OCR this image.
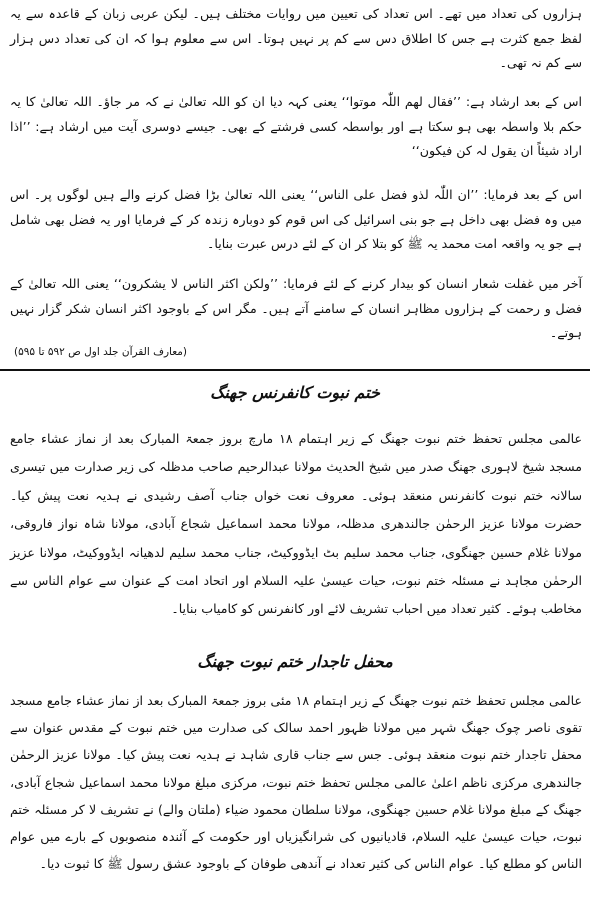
ہزاروں کی تعداد میں تھے۔ اس تعداد کی تعیین میں روایات مختلف ہیں۔ لیکن عربی زبان کے قاعدہ سے یہ لفظ جمع کثرت ہے جس کا اطلاق دس سے کم پر نہیں ہوتا۔ اس سے معلوم ہوا کہ ان کی تعداد دس ہزار سے کم نہ تھی۔

اس کے بعد ارشاد ہے: ’’فقال لھم اللّٰہ موتوا‘‘ یعنی کہہ دیا ان کو اللہ تعالیٰ نے کہ مر جاؤ۔ اللہ تعالیٰ کا یہ حکم بلا واسطہ بھی ہو سکتا ہے اور بواسطہ کسی فرشتے کے بھی۔ جیسے دوسری آیت میں ارشاد ہے: ’’اذا اراد شیئاً ان یقول لہ کن فیکون‘‘

اس کے بعد فرمایا: ’’ان اللّٰہ لذو فضل علی الناس‘‘ یعنی اللہ تعالیٰ بڑا فضل کرنے والے ہیں لوگوں پر۔ اس میں وہ فضل بھی داخل ہے جو بنی اسرائیل کی اس قوم کو دوبارہ زندہ کر کے فرمایا اور یہ فضل بھی شامل ہے جو یہ واقعہ امت محمد یہ ﷺ کو بتلا کر ان کے لئے درس عبرت بنایا۔

آخر میں غفلت شعار انسان کو بیدار کرنے کے لئے فرمایا: ’’ولکن اکثر الناس لا یشکرون‘‘ یعنی اللہ تعالیٰ کے فضل و رحمت کے ہزاروں مظاہر انسان کے سامنے آتے ہیں۔ مگر اس کے باوجود اکثر انسان شکر گزار نہیں ہوتے۔

(معارف القرآن جلد اول ص ۵۹۲ تا ۵۹۵)
ختم نبوت کانفرنس جھنگ

عالمی مجلس تحفظ ختم نبوت جھنگ کے زیر اہتمام ۱۸ مارچ بروز جمعۃ المبارک بعد از نماز عشاء جامع مسجد شیخ لاہوری جھنگ صدر میں شیخ الحدیث مولانا عبدالرحیم صاحب مدظلہ کی زیر صدارت میں تیسری سالانہ ختم نبوت کانفرنس منعقد ہوئی۔ معروف نعت خواں جناب آصف رشیدی نے ہدیہ نعت پیش کیا۔ حضرت مولانا عزیز الرحمٰن جالندھری مدظلہ، مولانا محمد اسماعیل شجاع آبادی، مولانا شاہ نواز فاروقی، مولانا غلام حسین جھنگوی، جناب محمد سلیم بٹ ایڈووکیٹ، جناب محمد سلیم لدھیانہ ایڈووکیٹ، مولانا عزیز الرحمٰن مجاہد نے مسئلہ ختم نبوت، حیات عیسیٰ علیہ السلام اور اتحاد امت کے عنوان سے عوام الناس سے مخاطب ہوئے۔ کثیر تعداد میں احباب تشریف لائے اور کانفرنس کو کامیاب بنایا۔

محفل تاجدار ختم نبوت جھنگ

عالمی مجلس تحفظ ختم نبوت جھنگ کے زیر اہتمام ۱۸ مئی بروز جمعۃ المبارک بعد از نماز عشاء جامع مسجد تقوی ناصر چوک جھنگ شہر میں مولانا ظہور احمد سالک کی صدارت میں ختم نبوت کے مقدس عنوان سے محفل تاجدار ختم نبوت منعقد ہوئی۔ جس سے جناب قاری شاہد نے ہدیہ نعت پیش کیا۔ مولانا عزیز الرحمٰن جالندھری مرکزی ناظم اعلیٰ عالمی مجلس تحفظ ختم نبوت، مرکزی مبلغ مولانا محمد اسماعیل شجاع آبادی، جھنگ کے مبلغ مولانا غلام حسین جھنگوی، مولانا سلطان محمود ضیاء (ملتان والے) نے تشریف لا کر مسئلہ ختم نبوت، حیات عیسیٰ علیہ السلام، قادیانیوں کی شرانگیزیاں اور حکومت کے آئندہ منصوبوں کے بارے میں عوام الناس کو مطلع کیا۔ عوام الناس کی کثیر تعداد نے آندھی طوفان کے باوجود عشق رسول ﷺ کا ثبوت دیا۔
